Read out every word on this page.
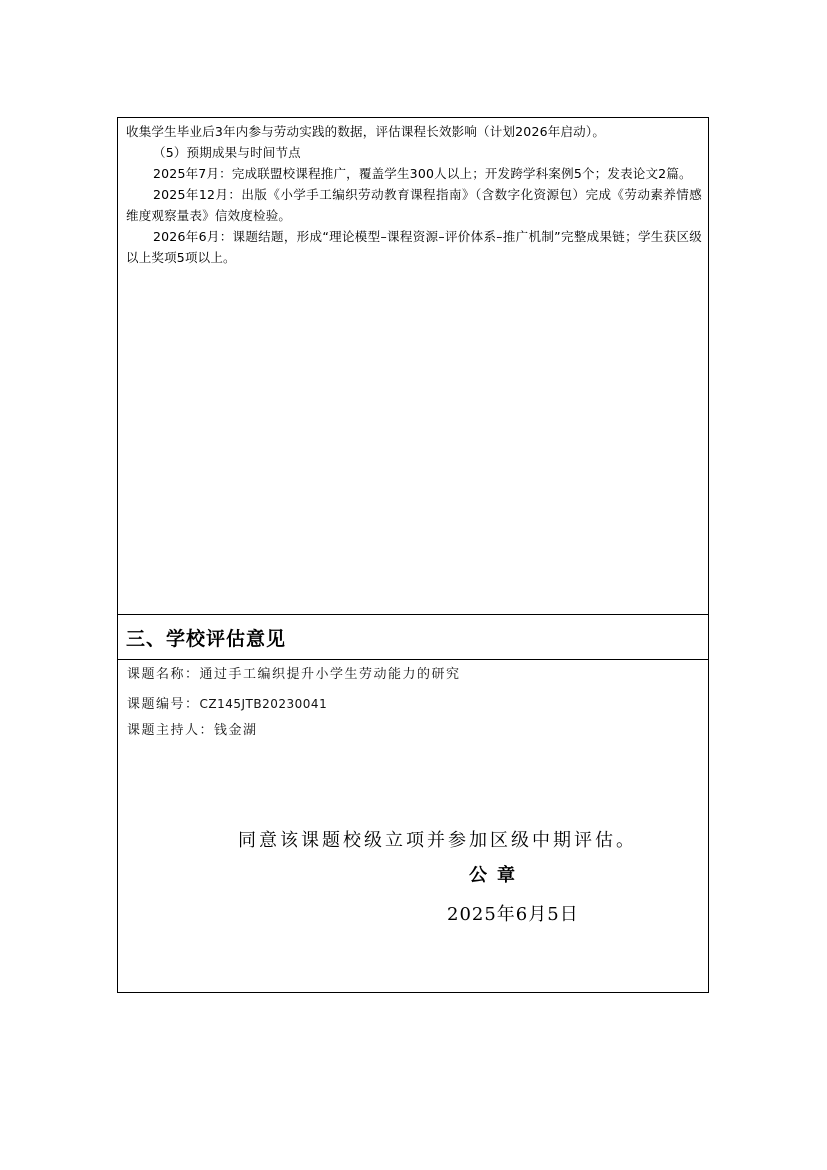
收集学生毕业后3年内参与劳动实践的数据，评估课程长效影响（计划2026年启动）。

（5）预期成果与时间节点

2025年7月：完成联盟校课程推广，覆盖学生300人以上；开发跨学科案例5个；发表论文2篇。

2025年12月：出版《小学手工编织劳动教育课程指南》（含数字化资源包）完成《劳动素养情感维度观察量表》信效度检验。

2026年6月：课题结题，形成“理论模型–课程资源–评价体系–推广机制”完整成果链；学生获区级以上奖项5项以上。

三、学校评估意见
课题名称：通过手工编织提升小学生劳动能力的研究
课题编号：CZ145JTB20230041
课题主持人：钱金湖
同意该课题校级立项并参加区级中期评估。
公章
2025年6月5日
